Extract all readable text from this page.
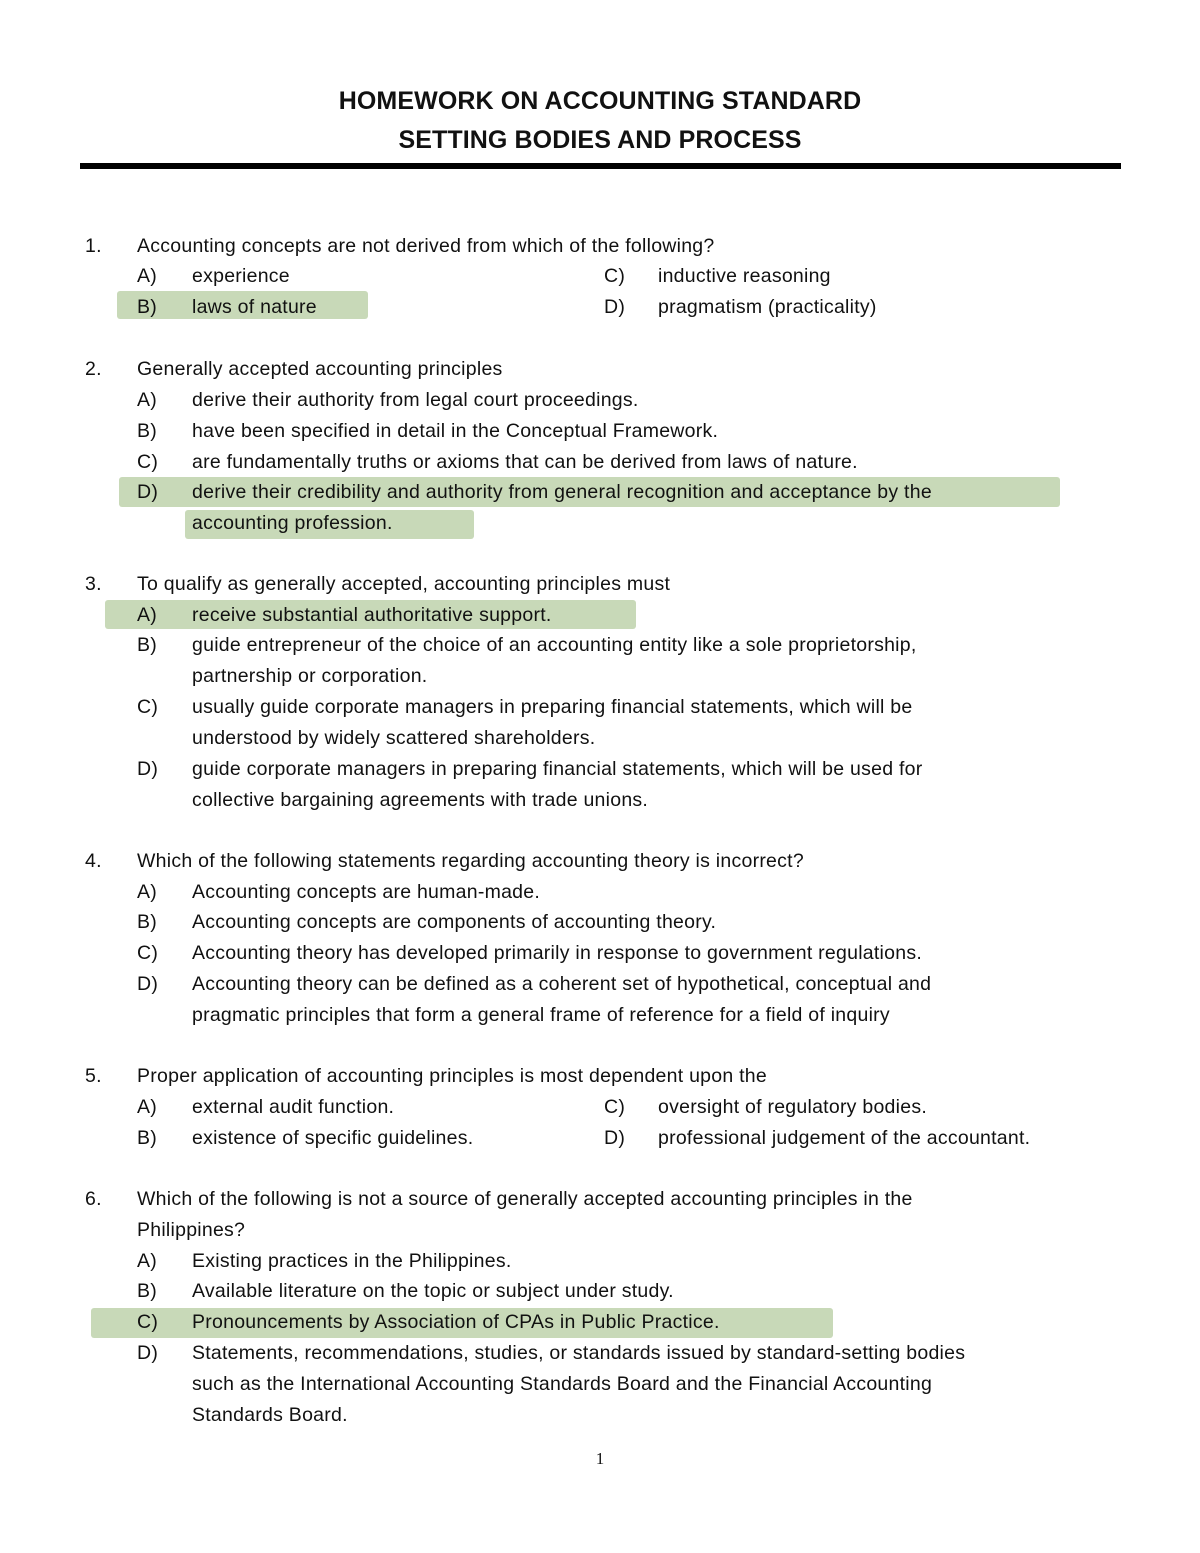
HOMEWORK ON ACCOUNTING STANDARD
SETTING BODIES AND PROCESS
1. Accounting concepts are not derived from which of the following?
A) experience	C) inductive reasoning
B) laws of nature	D) pragmatism (practicality)
2. Generally accepted accounting principles
A) derive their authority from legal court proceedings.
B) have been specified in detail in the Conceptual Framework.
C) are fundamentally truths or axioms that can be derived from laws of nature.
D) derive their credibility and authority from general recognition and acceptance by the
accounting profession.
3. To qualify as generally accepted, accounting principles must
A) receive substantial authoritative support.
B) guide entrepreneur of the choice of an accounting entity like a sole proprietorship,
partnership or corporation.
C) usually guide corporate managers in preparing financial statements, which will be
understood by widely scattered shareholders.
D) guide corporate managers in preparing financial statements, which will be used for
collective bargaining agreements with trade unions.
4. Which of the following statements regarding accounting theory is incorrect?
A) Accounting concepts are human-made.
B) Accounting concepts are components of accounting theory.
C) Accounting theory has developed primarily in response to government regulations.
D) Accounting theory can be defined as a coherent set of hypothetical, conceptual and
pragmatic principles that form a general frame of reference for a field of inquiry
5. Proper application of accounting principles is most dependent upon the
A) external audit function.	C) oversight of regulatory bodies.
B) existence of specific guidelines.	D) professional judgement of the accountant.
6. Which of the following is not a source of generally accepted accounting principles in the
Philippines?
A) Existing practices in the Philippines.
B) Available literature on the topic or subject under study.
C) Pronouncements by Association of CPAs in Public Practice.
D) Statements, recommendations, studies, or standards issued by standard-setting bodies
such as the International Accounting Standards Board and the Financial Accounting
Standards Board.
1
